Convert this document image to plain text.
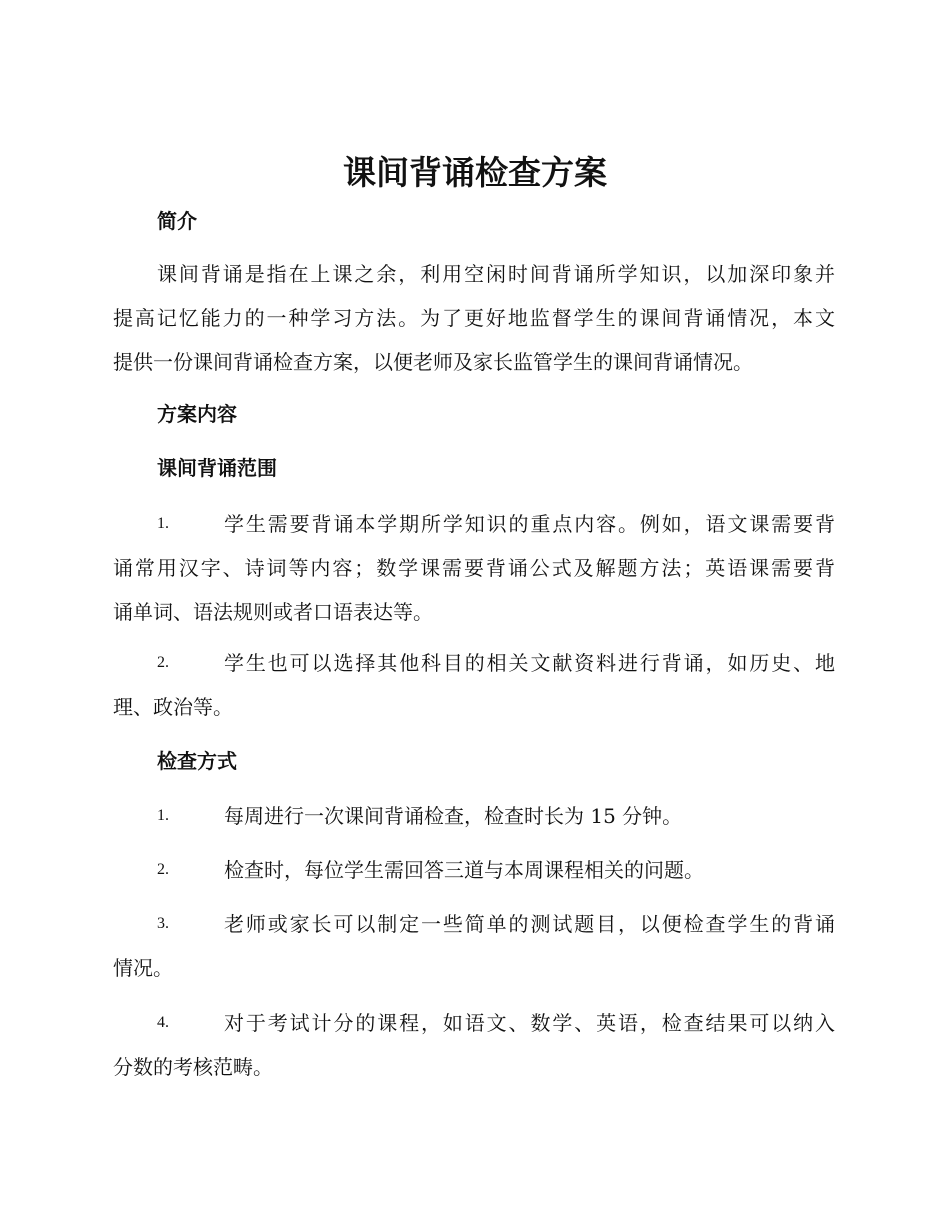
课间背诵检查方案
简介
课间背诵是指在上课之余，利用空闲时间背诵所学知识，以加深印象并
提高记忆能力的一种学习方法。为了更好地监督学生的课间背诵情况，本文
提供一份课间背诵检查方案，以便老师及家长监管学生的课间背诵情况。
方案内容
课间背诵范围
1.	学生需要背诵本学期所学知识的重点内容。例如，语文课需要背
诵常用汉字、诗词等内容；数学课需要背诵公式及解题方法；英语课需要背
诵单词、语法规则或者口语表达等。
2.	学生也可以选择其他科目的相关文献资料进行背诵，如历史、地
理、政治等。
检查方式
1.	每周进行一次课间背诵检查，检查时长为 15 分钟。
2.	检查时，每位学生需回答三道与本周课程相关的问题。
3.	老师或家长可以制定一些简单的测试题目，以便检查学生的背诵
情况。
4.	对于考试计分的课程，如语文、数学、英语，检查结果可以纳入
分数的考核范畴。
